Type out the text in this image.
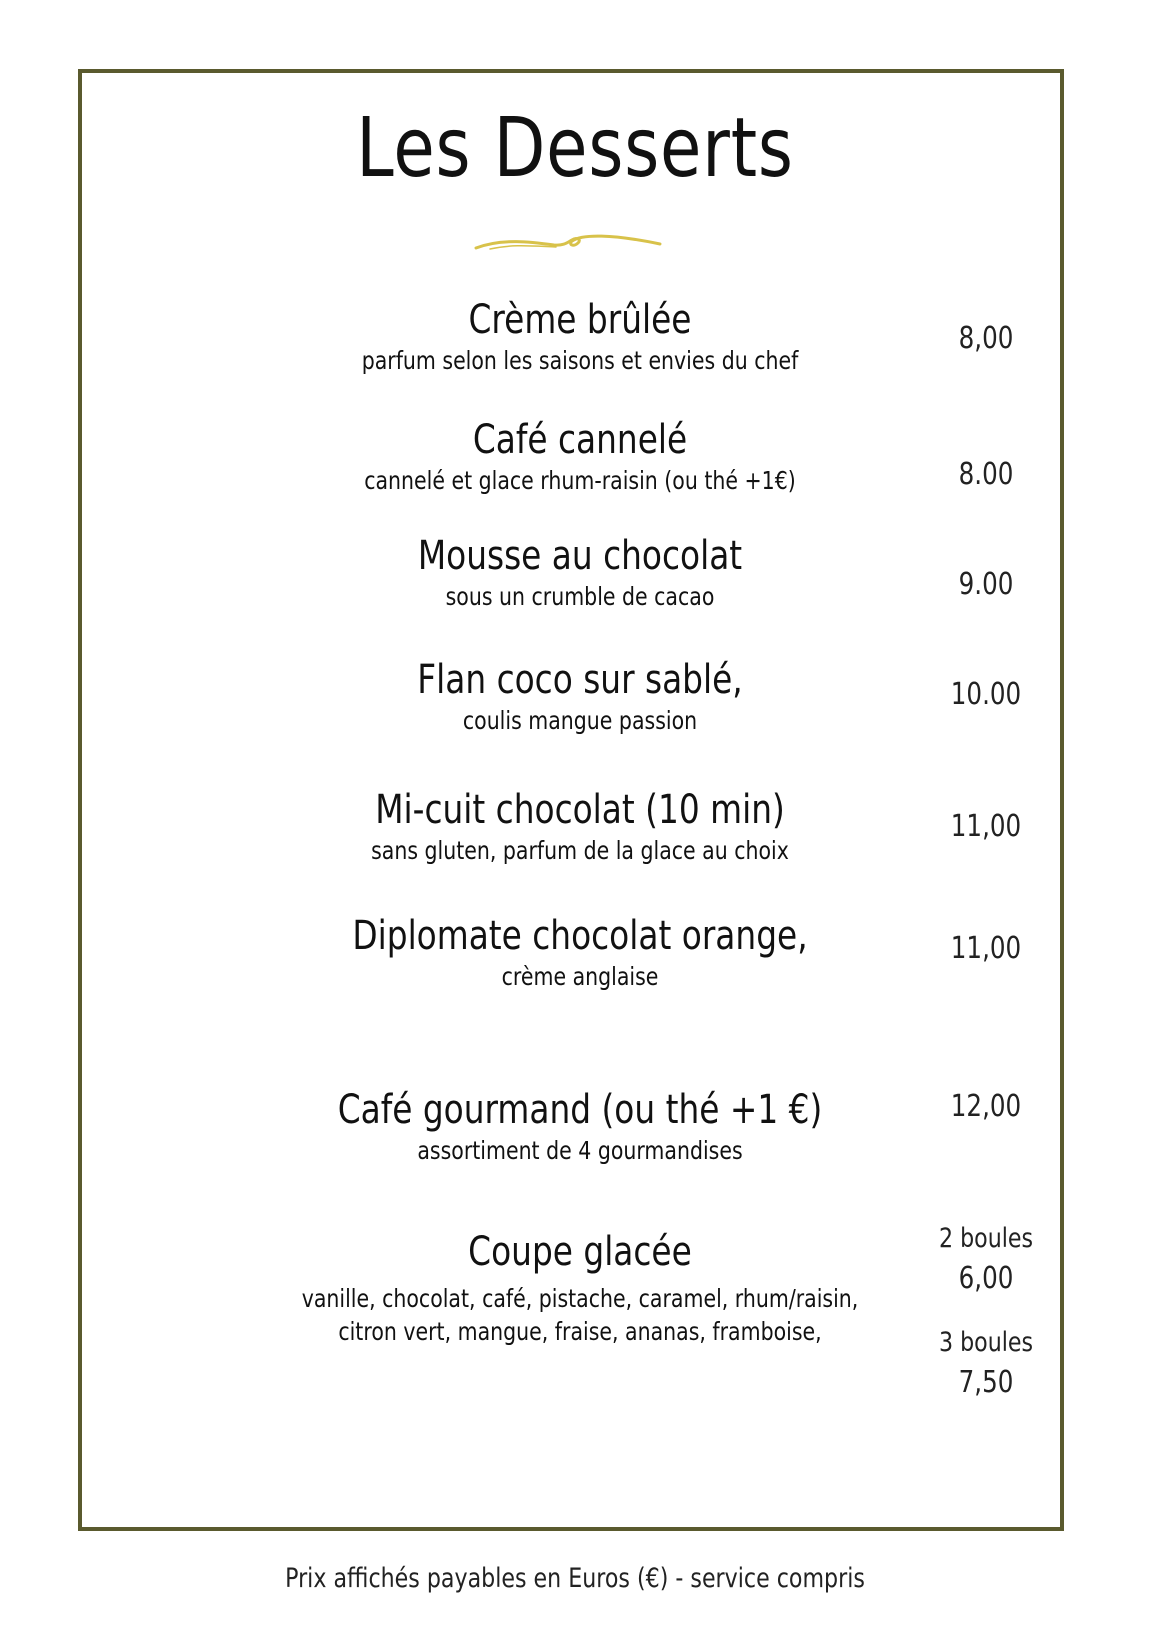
Les Desserts
Crème brûlée
parfum selon les saisons et envies du chef
8,00
Café cannelé
cannelé et glace rhum-raisin (ou thé +1€)	8.00
Mousse au chocolat
sous un crumble de cacao	9.00
Flan coco sur sablé,
coulis mangue passion
10.00
Mi-cuit chocolat (10 min)
sans gluten, parfum de la glace au choix
11,00
Diplomate chocolat orange,
crème anglaise
11,00
Café gourmand (ou thé +1 €)
assortiment de 4 gourmandises
12,00
Coupe glacée
vanille, chocolat, café, pistache, caramel, rhum/raisin,
citron vert, mangue, fraise, ananas, framboise,
2 boules
6,00
3 boules
7,50
Prix affichés payables en Euros (€) - service compris
